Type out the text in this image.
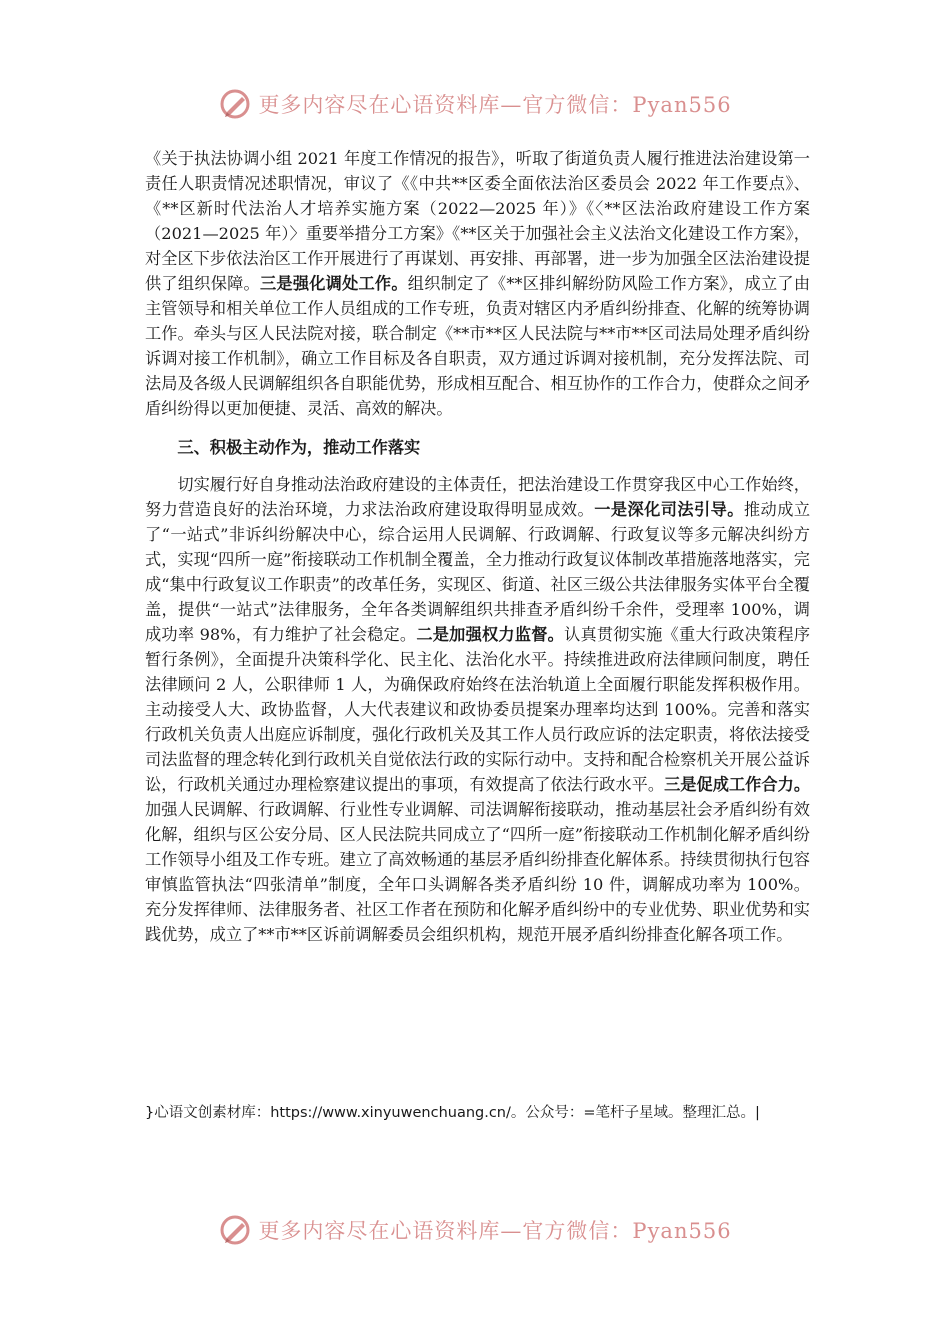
更多内容尽在心语资料库—官方微信：Pyan556

《关于执法协调小组 2021 年度工作情况的报告》，听取了街道负责人履行推进法治建设第一责任人职责情况述职情况，审议了《《中共**区委全面依法治区委员会 2022 年工作要点》、《**区新时代法治人才培养实施方案（2022—2025 年）》《〈**区法治政府建设工作方案（2021—2025 年）〉重要举措分工方案》《**区关于加强社会主义法治文化建设工作方案》，对全区下步依法治区工作开展进行了再谋划、再安排、再部署，进一步为加强全区法治建设提供了组织保障。三是强化调处工作。组织制定了《**区排纠解纷防风险工作方案》，成立了由主管领导和相关单位工作人员组成的工作专班，负责对辖区内矛盾纠纷排查、化解的统筹协调工作。牵头与区人民法院对接，联合制定《**市**区人民法院与**市**区司法局处理矛盾纠纷诉调对接工作机制》，确立工作目标及各自职责，双方通过诉调对接机制，充分发挥法院、司法局及各级人民调解组织各自职能优势，形成相互配合、相互协作的工作合力，使群众之间矛盾纠纷得以更加便捷、灵活、高效的解决。

三、积极主动作为，推动工作落实

切实履行好自身推动法治政府建设的主体责任，把法治建设工作贯穿我区中心工作始终，努力营造良好的法治环境，力求法治政府建设取得明显成效。一是深化司法引导。推动成立了“一站式”非诉纠纷解决中心，综合运用人民调解、行政调解、行政复议等多元解决纠纷方式，实现“四所一庭”衔接联动工作机制全覆盖，全力推动行政复议体制改革措施落地落实，完成“集中行政复议工作职责”的改革任务，实现区、街道、社区三级公共法律服务实体平台全覆盖，提供“一站式”法律服务，全年各类调解组织共排查矛盾纠纷千余件，受理率 100%，调成功率 98%，有力维护了社会稳定。二是加强权力监督。认真贯彻实施《重大行政决策程序暂行条例》，全面提升决策科学化、民主化、法治化水平。持续推进政府法律顾问制度，聘任法律顾问 2 人，公职律师 1 人，为确保政府始终在法治轨道上全面履行职能发挥积极作用。主动接受人大、政协监督，人大代表建议和政协委员提案办理率均达到 100%。完善和落实行政机关负责人出庭应诉制度，强化行政机关及其工作人员行政应诉的法定职责，将依法接受司法监督的理念转化到行政机关自觉依法行政的实际行动中。支持和配合检察机关开展公益诉讼，行政机关通过办理检察建议提出的事项，有效提高了依法行政水平。三是促成工作合力。加强人民调解、行政调解、行业性专业调解、司法调解衔接联动，推动基层社会矛盾纠纷有效化解，组织与区公安分局、区人民法院共同成立了“四所一庭”衔接联动工作机制化解矛盾纠纷工作领导小组及工作专班。建立了高效畅通的基层矛盾纠纷排查化解体系。持续贯彻执行包容审慎监管执法“四张清单”制度，全年口头调解各类矛盾纠纷 10 件，调解成功率为 100%。充分发挥律师、法律服务者、社区工作者在预防和化解矛盾纠纷中的专业优势、职业优势和实践优势，成立了**市**区诉前调解委员会组织机构，规范开展矛盾纠纷排查化解各项工作。

}心语文创素材库：https://www.xinyuwenchuang.cn/。公众号：=笔杆子星域。整理汇总。|
更多内容尽在心语资料库—官方微信：Pyan556
